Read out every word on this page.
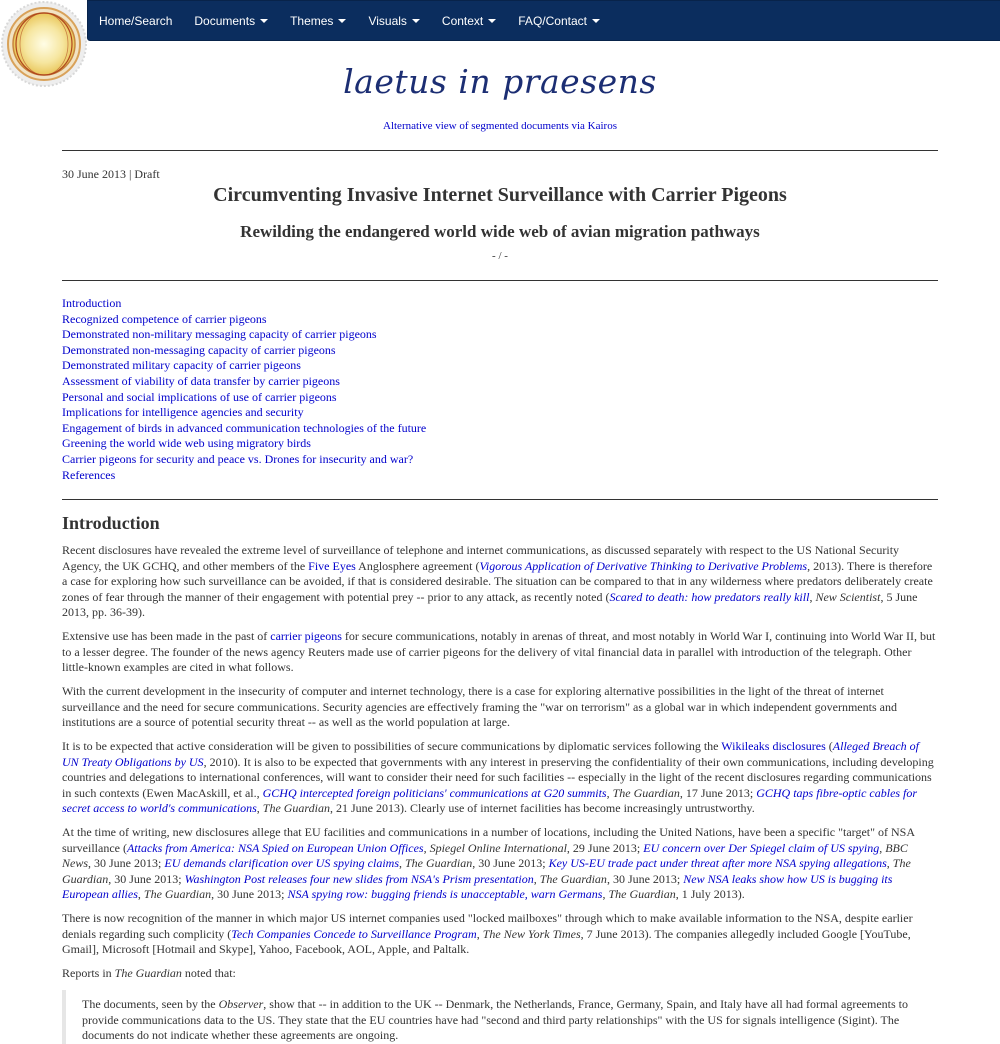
Home/Search Documents	Themes	Visuals	Context	FAQ/Contact
laetus in praesens
Alternative view of segmented documents via Kairos
30 June 2013 | Draft
Circumventing Invasive Internet Surveillance with Carrier Pigeons
Rewilding the endangered world wide web of avian migration pathways
- / -
Introduction
Recognized competence of carrier pigeons
Demonstrated non-military messaging capacity of carrier pigeons
Demonstrated non-messaging capacity of carrier pigeons
Demonstrated military capacity of carrier pigeons
Assessment of viability of data transfer by carrier pigeons
Personal and social implications of use of carrier pigeons
Implications for intelligence agencies and security
Engagement of birds in advanced communication technologies of the future
Greening the world wide web using migratory birds
Carrier pigeons for security and peace vs. Drones for insecurity and war?
References
Introduction

Recent disclosures have revealed the extreme level of surveillance of telephone and internet communications, as discussed separately with respect to the US National Security Agency, the UK GCHQ, and other members of the Five Eyes Anglosphere agreement (Vigorous Application of Derivative Thinking to Derivative Problems, 2013). There is therefore a case for exploring how such surveillance can be avoided, if that is considered desirable. The situation can be compared to that in any wilderness where predators deliberately create zones of fear through the manner of their engagement with potential prey -- prior to any attack, as recently noted (Scared to death: how predators really kill, New Scientist, 5 June 2013, pp. 36-39).

Extensive use has been made in the past of carrier pigeons for secure communications, notably in arenas of threat, and most notably in World War I, continuing into World War II, but to a lesser degree. The founder of the news agency Reuters made use of carrier pigeons for the delivery of vital financial data in parallel with introduction of the telegraph. Other little-known examples are cited in what follows.

With the current development in the insecurity of computer and internet technology, there is a case for exploring alternative possibilities in the light of the threat of internet surveillance and the need for secure communications. Security agencies are effectively framing the "war on terrorism" as a global war in which independent governments and institutions are a source of potential security threat -- as well as the world population at large.

It is to be expected that active consideration will be given to possibilities of secure communications by diplomatic services following the Wikileaks disclosures (Alleged Breach of UN Treaty Obligations by US, 2010). It is also to be expected that governments with any interest in preserving the confidentiality of their own communications, including developing countries and delegations to international conferences, will want to consider their need for such facilities -- especially in the light of the recent disclosures regarding communications in such contexts (Ewen MacAskill, et al., GCHQ intercepted foreign politicians' communications at G20 summits, The Guardian, 17 June 2013; GCHQ taps fibre-optic cables for secret access to world's communications, The Guardian, 21 June 2013). Clearly use of internet facilities has become increasingly untrustworthy.

At the time of writing, new disclosures allege that EU facilities and communications in a number of locations, including the United Nations, have been a specific "target" of NSA surveillance (Attacks from America: NSA Spied on European Union Offices, Spiegel Online International, 29 June 2013; EU concern over Der Spiegel claim of US spying, BBC News, 30 June 2013; EU demands clarification over US spying claims, The Guardian, 30 June 2013; Key US-EU trade pact under threat after more NSA spying allegations, The Guardian, 30 June 2013; Washington Post releases four new slides from NSA's Prism presentation, The Guardian, 30 June 2013; New NSA leaks show how US is bugging its European allies, The Guardian, 30 June 2013; NSA spying row: bugging friends is unacceptable, warn Germans, The Guardian, 1 July 2013).

There is now recognition of the manner in which major US internet companies used "locked mailboxes" through which to make available information to the NSA, despite earlier denials regarding such complicity (Tech Companies Concede to Surveillance Program, The New York Times, 7 June 2013). The companies allegedly included Google [YouTube, Gmail], Microsoft [Hotmail and Skype], Yahoo, Facebook, AOL, Apple, and Paltalk.

Reports in The Guardian noted that:

The documents, seen by the Observer, show that -- in addition to the UK -- Denmark, the Netherlands, France, Germany, Spain, and Italy have all had formal agreements to provide communications data to the US. They state that the EU countries have had "second and third party relationships" with the US for signals intelligence (Sigint). The documents do not indicate whether these agreements are ongoing.
